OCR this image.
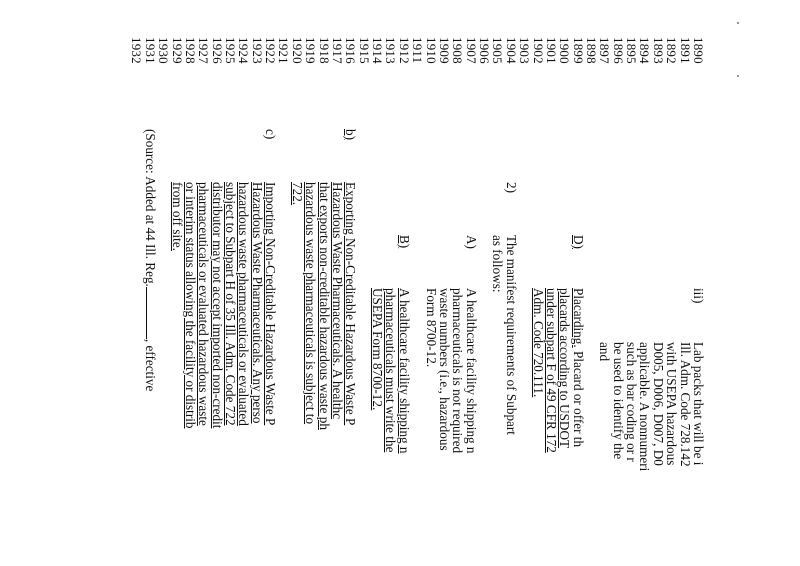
1890
1891
1892
1893
1894
1895
1896
1897
1898
1899
1900
1901
1902
1903
1904
1905
1906
1907
1908
1909
1910
1911
1912
1913
1914
1915
1916
1917
1918
1919
1920
1921
1922
1923
1924
1925
1926
1927
1928
1929
1930
1931
1932
iii)
Lab packs that will be i
Ill. Adm. Code 728.142
with USEPA hazardous
D005, D006, D007, D0
applicable. A nonnumeri
such as bar coding or r
be used to identify the
and
D)
Placarding. Placard or offer th
placards according to USDOT
under subpart F of 49 CFR 172
Adm. Code 720.111.
2)
The manifest requirements of Subpart
as follows:
A)
A healthcare facility shipping n
pharmaceuticals is not required
waste numbers (i.e., hazardous
Form 8700-12.
B)
A healthcare facility shipping n
pharmaceuticals must write the
USEPA Form 8700-12.
b)
Exporting Non-Creditable Hazardous Waste P
Hazardous Waste Pharmaceuticals. A healthc
that exports non-creditable hazardous waste ph
hazardous waste pharmaceuticals is subject to
722.
c)
Importing Non-Creditable Hazardous Waste P
Hazardous Waste Pharmaceuticals. Any perso
hazardous waste pharmaceuticals or evaluated
subject to Subpart H of 35 Ill. Adm. Code 722
distributor may not accept imported non-credit
pharmaceuticals or evaluated hazardous waste
or interim status allowing the facility or distrib
from off site.
(Source: Added at 44 Ill. Reg., effective
